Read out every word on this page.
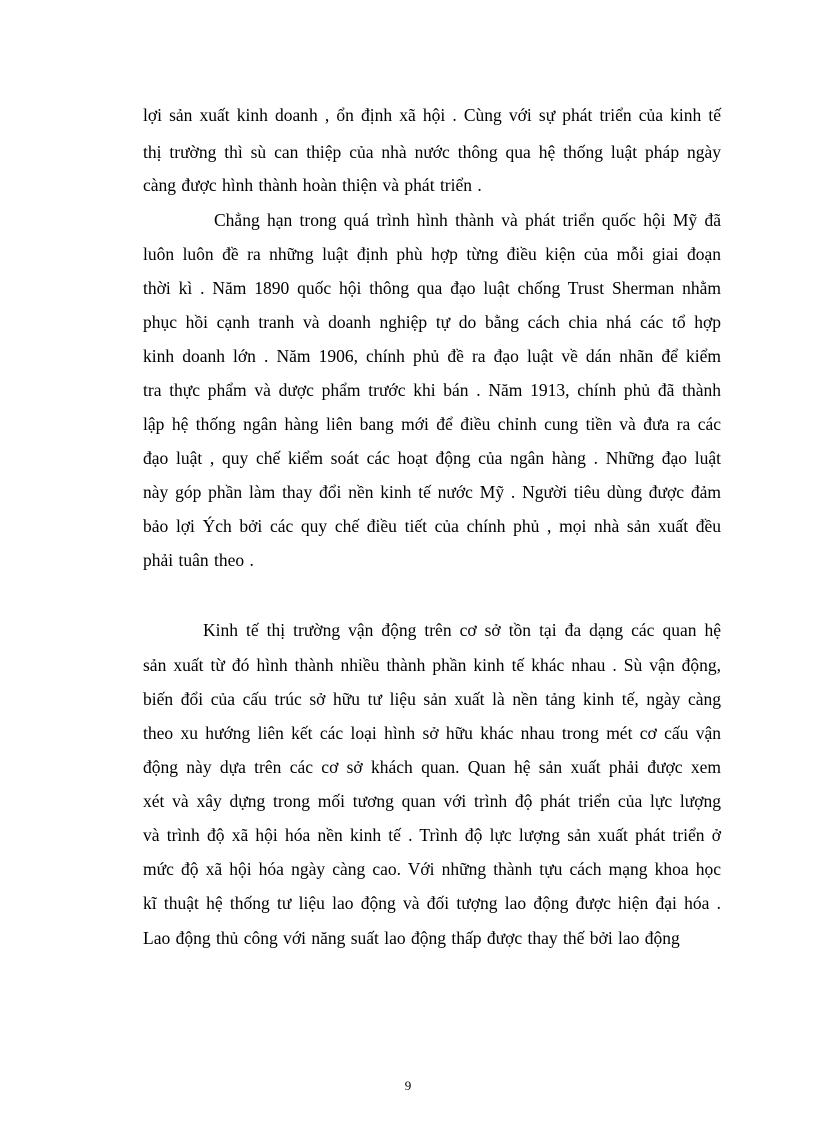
lợi sản xuất kinh doanh , ổn định xã hội . Cùng với sự phát triển của kinh tế
thị trường thì sù can thiệp của nhà nước thông qua hệ thống luật pháp ngày
càng được hình thành hoàn thiện và phát triển .
Chẳng hạn trong quá trình hình thành và phát triển quốc hội Mỹ đã
luôn luôn đề ra những luật định phù hợp từng điều kiện của mỗi giai đoạn
thời kì . Năm 1890 quốc hội thông qua đạo luật chống Trust Sherman nhằm
phục hồi cạnh tranh và doanh nghiệp tự do bằng cách chia nhá các tổ hợp
kinh doanh lớn . Năm 1906, chính phủ đề ra đạo luật về dán nhãn để kiểm
tra thực phẩm và dược phẩm trước khi bán . Năm 1913, chính phủ đã thành
lập hệ thống ngân hàng liên bang mới để điều chỉnh cung tiền và đưa ra các
đạo luật , quy chế kiểm soát các hoạt động của ngân hàng . Những đạo luật
này góp phần làm thay đổi nền kinh tế nước Mỹ . Người tiêu dùng được đảm
bảo lợi Ých bởi các quy chế điều tiết của chính phủ , mọi nhà sản xuất đều
phải tuân theo .
Kinh tế thị trường vận động trên cơ sở tồn tại đa dạng các quan hệ
sản xuất từ đó hình thành nhiều thành phần kinh tế khác nhau . Sù vận động,
biến đổi của cấu trúc sở hữu tư liệu sản xuất là nền tảng kinh tế, ngày càng
theo xu hướng liên kết các loại hình sở hữu khác nhau trong mét cơ cấu vận
động này dựa trên các cơ sở khách quan. Quan hệ sản xuất phải được xem
xét và xây dựng trong mối tương quan với trình độ phát triển của lực lượng
và trình độ xã hội hóa nền kinh tế . Trình độ lực lượng sản xuất phát triển ở
mức độ xã hội hóa ngày càng cao. Với những thành tựu cách mạng khoa học
kĩ thuật hệ thống tư liệu lao động và đối tượng lao động được hiện đại hóa .
Lao động thủ công với năng suất lao động thấp được thay thế bởi lao động
9
